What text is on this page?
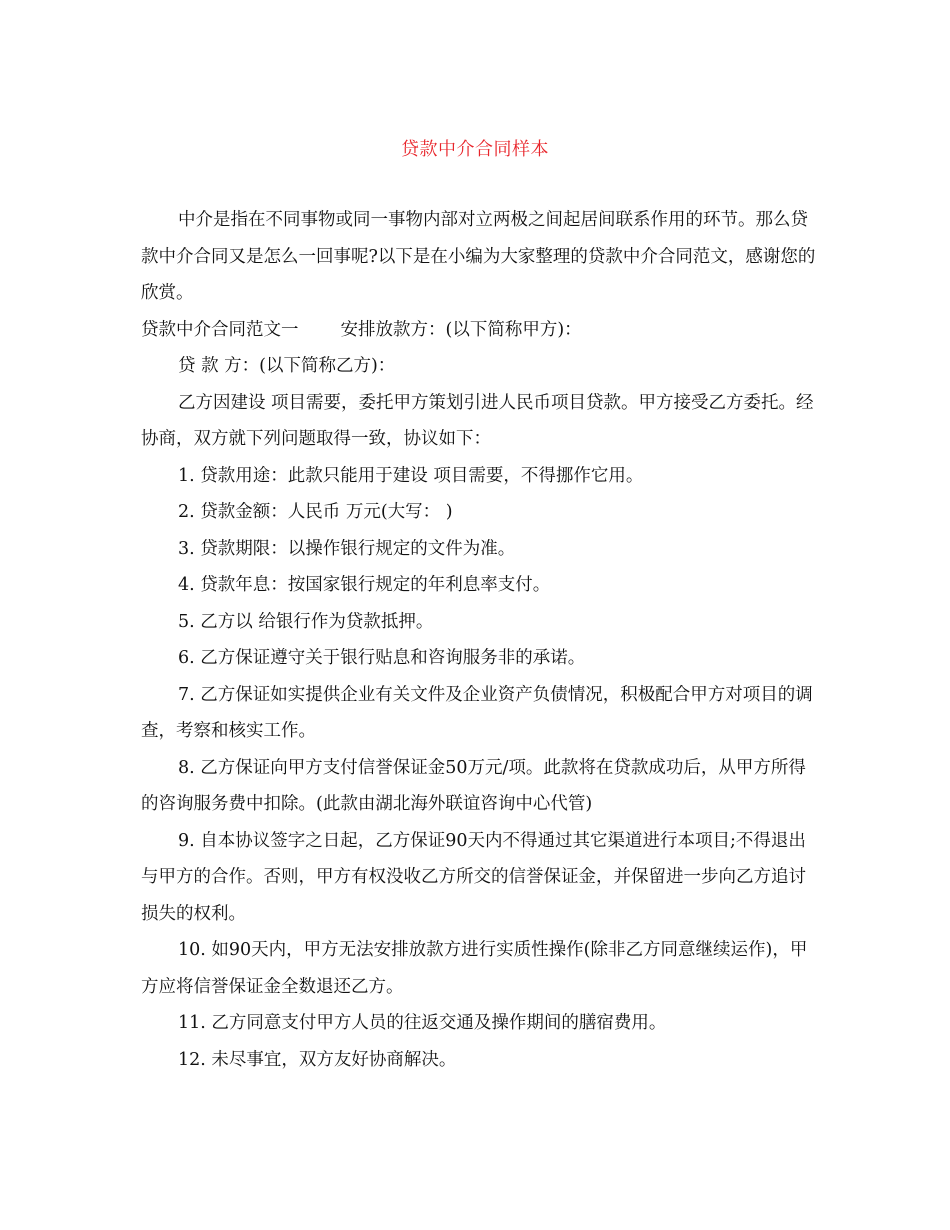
贷款中介合同样本

中介是指在不同事物或同一事物内部对立两极之间起居间联系作用的环节。那么贷款中介合同又是怎么一回事呢?以下是在小编为大家整理的贷款中介合同范文，感谢您的欣赏。

贷款中介合同范文一 安排放款方：(以下简称甲方)：

贷 款 方：(以下简称乙方)：

乙方因建设 项目需要，委托甲方策划引进人民币项目贷款。甲方接受乙方委托。经协商，双方就下列问题取得一致，协议如下：

1. 贷款用途：此款只能用于建设 项目需要，不得挪作它用。

2. 贷款金额：人民币 万元(大写： )

3. 贷款期限：以操作银行规定的文件为准。

4. 贷款年息：按国家银行规定的年利息率支付。

5. 乙方以 给银行作为贷款抵押。

6. 乙方保证遵守关于银行贴息和咨询服务非的承诺。

7. 乙方保证如实提供企业有关文件及企业资产负债情况，积极配合甲方对项目的调查，考察和核实工作。

8. 乙方保证向甲方支付信誉保证金50万元/项。此款将在贷款成功后，从甲方所得的咨询服务费中扣除。(此款由湖北海外联谊咨询中心代管)

9. 自本协议签字之日起，乙方保证90天内不得通过其它渠道进行本项目;不得退出与甲方的合作。否则，甲方有权没收乙方所交的信誉保证金，并保留进一步向乙方追讨损失的权利。

10. 如90天内，甲方无法安排放款方进行实质性操作(除非乙方同意继续运作)，甲方应将信誉保证金全数退还乙方。

11. 乙方同意支付甲方人员的往返交通及操作期间的膳宿费用。

12. 未尽事宜，双方友好协商解决。
